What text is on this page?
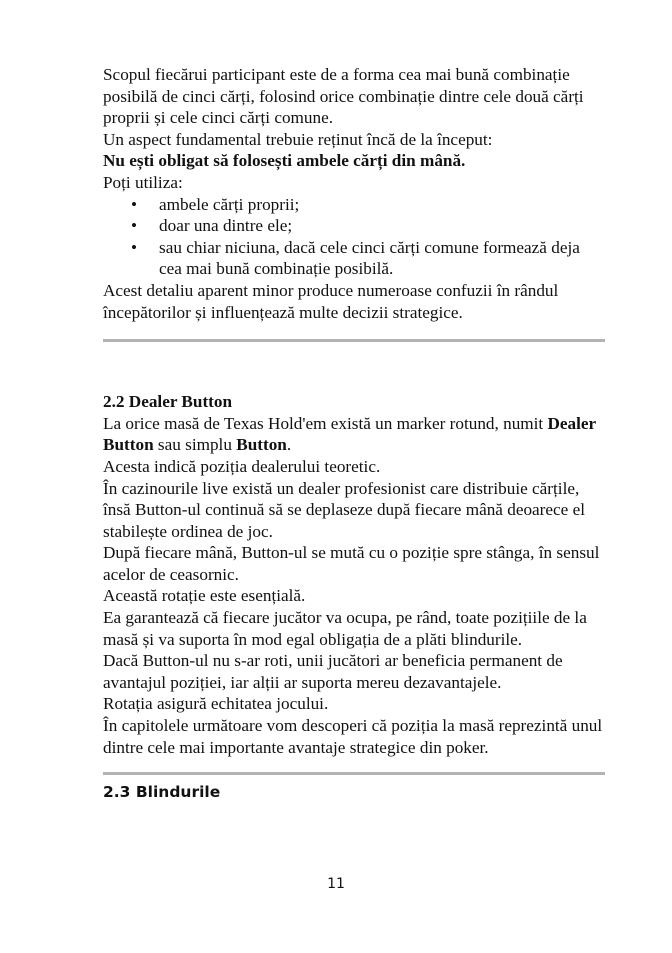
Scopul fiecărui participant este de a forma cea mai bună combinație posibilă de cinci cărți, folosind orice combinație dintre cele două cărți proprii și cele cinci cărți comune.

Un aspect fundamental trebuie reținut încă de la început:

Nu ești obligat să folosești ambele cărți din mână.

Poți utiliza:

• ambele cărți proprii;
• doar una dintre ele;
• sau chiar niciuna, dacă cele cinci cărți comune formează deja cea mai bună combinație posibilă.

Acest detaliu aparent minor produce numeroase confuzii în rândul începătorilor și influențează multe decizii strategice.

2.2 Dealer Button

La orice masă de Texas Hold'em există un marker rotund, numit Dealer Button sau simplu Button.

Acesta indică poziția dealerului teoretic.

În cazinourile live există un dealer profesionist care distribuie cărțile, însă Button-ul continuă să se deplaseze după fiecare mână deoarece el stabilește ordinea de joc.

După fiecare mână, Button-ul se mută cu o poziție spre stânga, în sensul acelor de ceasornic.

Această rotație este esențială.

Ea garantează că fiecare jucător va ocupa, pe rând, toate pozițiile de la masă și va suporta în mod egal obligația de a plăti blindurile.

Dacă Button-ul nu s-ar roti, unii jucători ar beneficia permanent de avantajul poziției, iar alții ar suporta mereu dezavantajele.

Rotația asigură echitatea jocului.

În capitolele următoare vom descoperi că poziția la masă reprezintă unul dintre cele mai importante avantaje strategice din poker.

2.3 Blindurile

11
